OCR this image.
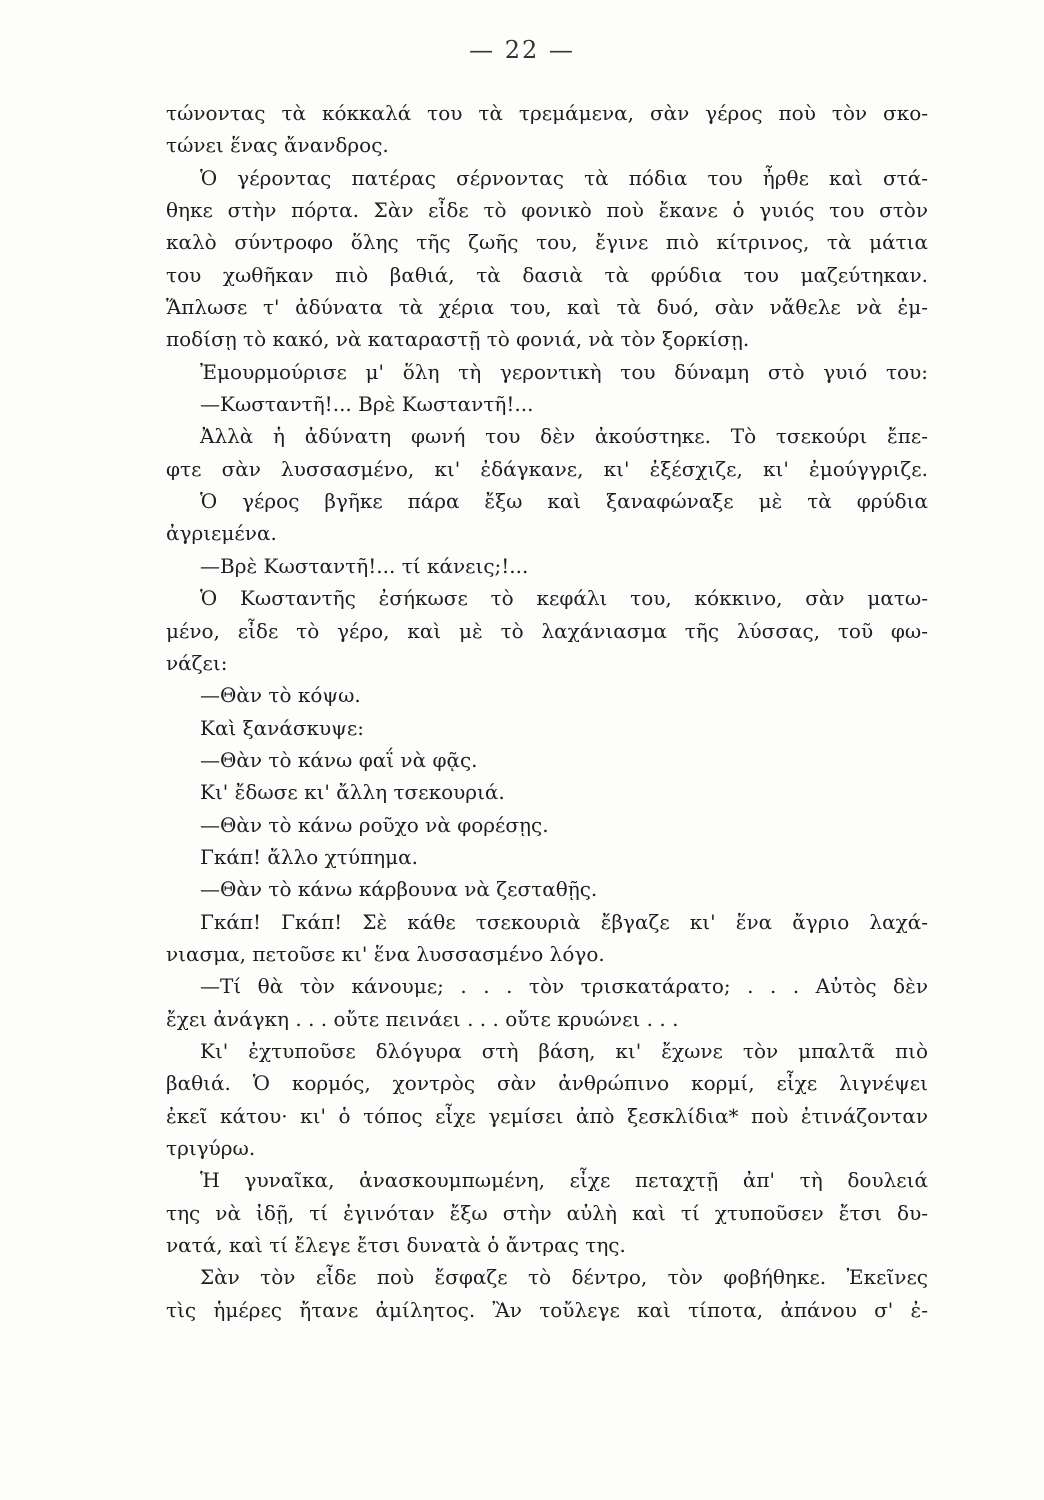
— 22 —
τώνοντας τὰ κόκκαλά του τὰ τρεμάμενα, σὰν γέρος ποὺ τὸν σκο-
τώνει ἕνας ἄνανδρος.
Ὁ γέροντας πατέρας σέρνοντας τὰ πόδια του ἦρθε καὶ στά-
θηκε στὴν πόρτα. Σὰν εἶδε τὸ φονικὸ ποὺ ἔκανε ὁ γυιός του στὸν
καλὸ σύντροφο ὅλης τῆς ζωῆς του, ἔγινε πιὸ κίτρινος, τὰ μάτια
του χωθῆκαν πιὸ βαθιά, τὰ δασιὰ τὰ φρύδια του μαζεύτηκαν.
Ἅπλωσε τ' ἀδύνατα τὰ χέρια του, καὶ τὰ δυό, σὰν νἄθελε νὰ ἐμ-
ποδίσῃ τὸ κακό, νὰ καταραστῇ τὸ φονιά, νὰ τὸν ξορκίσῃ.
Ἐμουρμούρισε μ' ὅλη τὴ γεροντικὴ του δύναμη στὸ γυιό του:
—Κωσταντῆ!... Βρὲ Κωσταντῆ!...
Ἀλλὰ ἡ ἀδύνατη φωνή του δὲν ἀκούστηκε. Τὸ τσεκούρι ἔπε-
φτε σὰν λυσσασμένο, κι' ἐδάγκανε, κι' ἐξέσχιζε, κι' ἐμούγγριζε.
Ὁ γέρος βγῆκε πάρα ἔξω καὶ ξαναφώναξε μὲ τὰ φρύδια
ἀγριεμένα.
—Βρὲ Κωσταντῆ!... τί κάνεις;!...
Ὁ Κωσταντῆς ἐσήκωσε τὸ κεφάλι του, κόκκινο, σὰν ματω-
μένο, εἶδε τὸ γέρο, καὶ μὲ τὸ λαχάνιασμα τῆς λύσσας, τοῦ φω-
νάζει:
—Θὰν τὸ κόψω.
Καὶ ξανάσκυψε:
—Θὰν τὸ κάνω φαΐ νὰ φᾷς.
Κι' ἔδωσε κι' ἄλλη τσεκουριά.
—Θὰν τὸ κάνω ροῦχο νὰ φορέσῃς.
Γκάπ! ἄλλο χτύπημα.
—Θὰν τὸ κάνω κάρβουνα νὰ ζεσταθῇς.
Γκάπ! Γκάπ! Σὲ κάθε τσεκουριὰ ἔβγαζε κι' ἕνα ἄγριο λαχά-
νιασμα, πετοῦσε κι' ἕνα λυσσασμένο λόγο.
—Τί θὰ τὸν κάνουμε; . . . τὸν τρισκατάρατο; . . . Αὐτὸς δὲν
ἔχει ἀνάγκη . . . οὔτε πεινάει . . . οὔτε κρυώνει . . .
Κι' ἐχτυποῦσε δλόγυρα στὴ βάση, κι' ἔχωνε τὸν μπαλτᾶ πιὸ
βαθιά. Ὁ κορμός, χοντρὸς σὰν ἀνθρώπινο κορμί, εἶχε λιγνέψει
ἐκεῖ κάτου· κι' ὁ τόπος εἶχε γεμίσει ἀπὸ ξεσκλίδια* ποὺ ἐτινάζονταν
τριγύρω.
Ἡ γυναῖκα, ἀνασκουμπωμένη, εἶχε πεταχτῇ ἀπ' τὴ δουλειά
της νὰ ἰδῇ, τί ἐγινόταν ἔξω στὴν αὐλὴ καὶ τί χτυποῦσεν ἔτσι δυ-
νατά, καὶ τί ἔλεγε ἔτσι δυνατὰ ὁ ἄντρας της.
Σὰν τὸν εἶδε ποὺ ἔσφαζε τὸ δέντρο, τὸν φοβήθηκε. Ἐκεῖνες
τὶς ἡμέρες ἤτανε ἀμίλητος. Ἂν τοὔλεγε καὶ τίποτα, ἀπάνου σ' ἐ-
